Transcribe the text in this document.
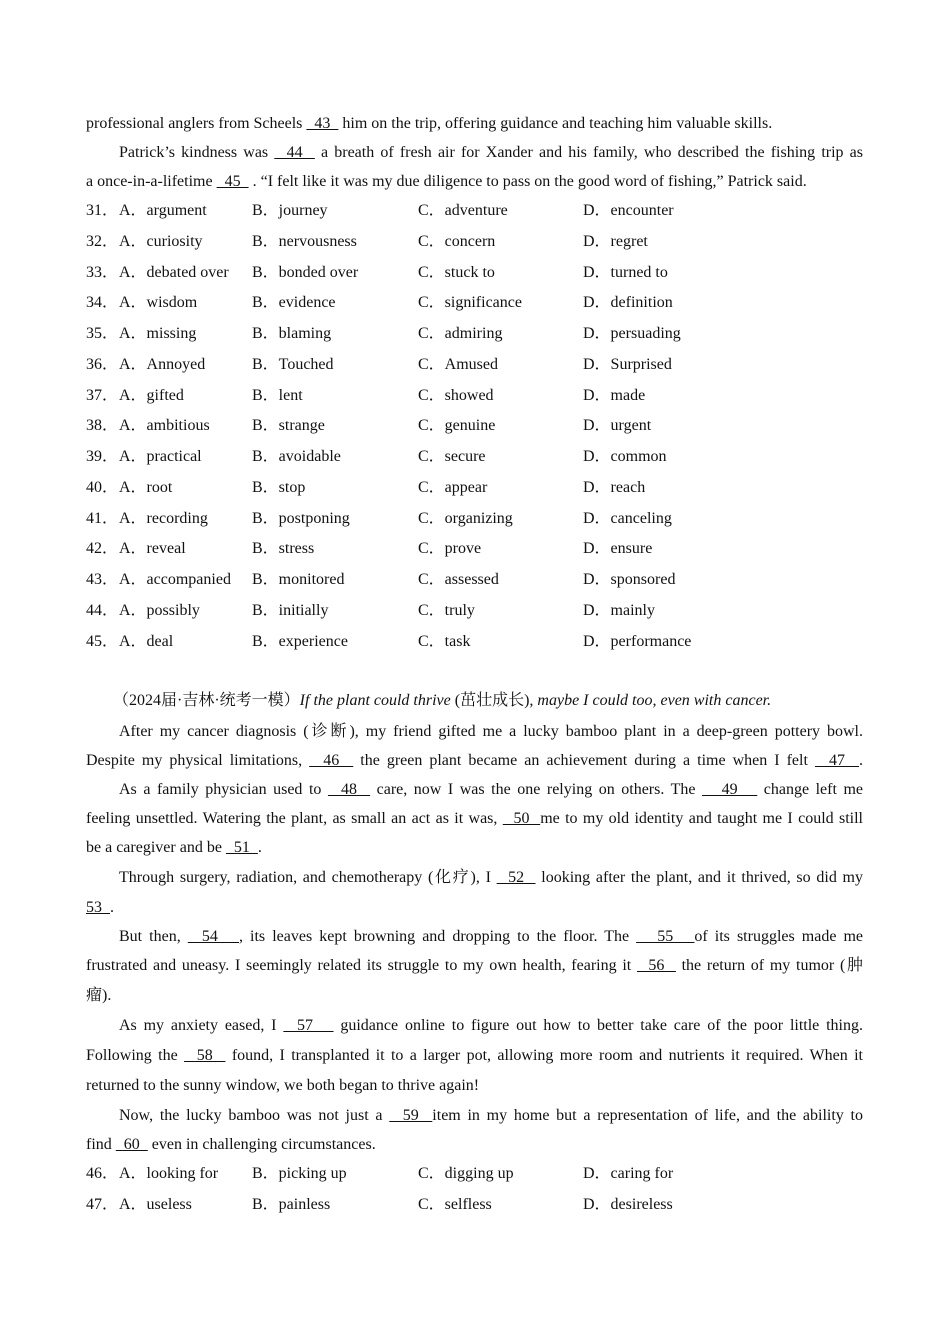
professional anglers from Scheels   43   him on the trip, offering guidance and teaching him valuable skills.
Patrick’s kindness was   44   a breath of fresh air for Xander and his family, who described the fishing trip as
a once-in-a-lifetime   45   . “I felt like it was my due diligence to pass on the good word of fishing,” Patrick said.
31． A．argument	B．journey	C．adventure	D．encounter
32． A．curiosity	B．nervousness	C．concern	D．regret
33． A．debated over B．bonded over	C．stuck to	D．turned to
34． A．wisdom	B．evidence	C．significance	D．definition
35． A．missing	B．blaming	C．admiring	D．persuading
36． A．Annoyed	B．Touched	C．Amused	D．Surprised
37． A．gifted	B．lent	C．showed	D．made
38． A．ambitious	B．strange	C．genuine	D．urgent
39． A．practical	B．avoidable	C．secure	D．common
40． A．root	B．stop	C．appear	D．reach
41． A．recording	B．postponing	C．organizing	D．canceling
42． A．reveal	B．stress	C．prove	D．ensure
43． A．accompanied B．monitored	C．assessed	D．sponsored
44． A．possibly	B．initially	C．truly	D．mainly
45． A．deal	B．experience	C．task	D．performance
（2024届·吉林·统考一模）If the plant could thrive (茁壮成长), maybe I could too, even with cancer.
After my cancer diagnosis (诊断), my friend gifted me a lucky bamboo plant in a deep-green pottery bowl.
Despite my physical limitations,   46   the green plant became an achievement during a time when I felt   47  .
As a family physician used to   48   care, now I was the one relying on others. The    49    change left me
feeling unsettled. Watering the plant, as small an act as it was,   50  me to my old identity and taught me I could still
be a caregiver and be   51  .
Through surgery, radiation, and chemotherapy (化疗), I   52   looking after the plant, and it thrived, so did my
53  .
But then,   54   , its leaves kept browning and dropping to the floor. The    55   of its struggles made me
frustrated and uneasy. I seemingly related its struggle to my own health, fearing it   56   the return of my tumor (肿
瘤).
As my anxiety eased, I   57    guidance online to figure out how to better take care of the poor little thing.
Following the   58   found, I transplanted it to a larger pot, allowing more room and nutrients it required. When it
returned to the sunny window, we both began to thrive again!
Now, the lucky bamboo was not just a   59  item in my home but a representation of life, and the ability to
find   60   even in challenging circumstances.
46． A．looking for B．picking up	C．digging up	D．caring for
47． A．useless	B．painless	C．selfless	D．desireless
